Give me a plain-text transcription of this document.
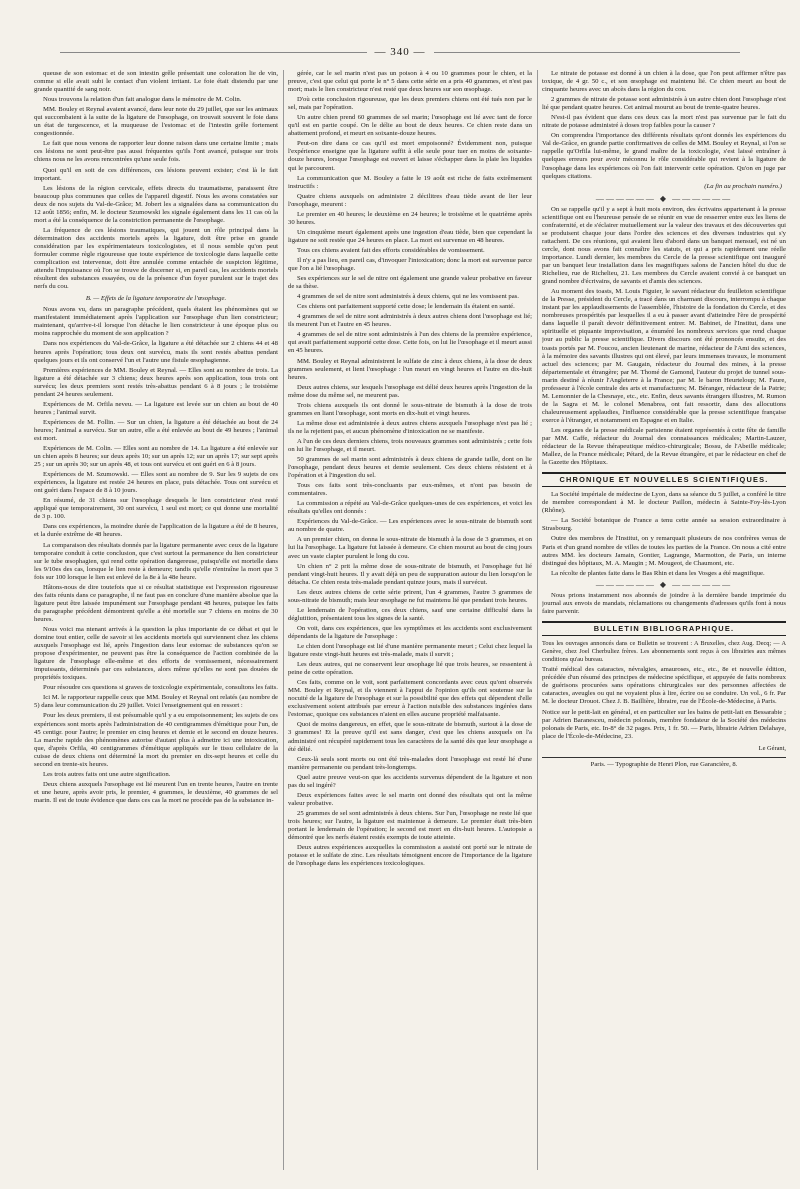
— 340 —

queuse de son estomac et de son intestin grêle présentait une coloration lie de vin, comme si elle avait subi le contact d'un violent irritant. Le foie était distendu par une grande quantité de sang noir.

Nous trouvons la relation d'un fait analogue dans le mémoire de M. Colin.

MM. Bouley et Reynal avaient avancé, dans leur note du 29 juillet, que sur les animaux qui succombaient à la suite de la ligature de l'œsophage, on trouvait souvent le foie dans un état de turgescence, et la muqueuse de l'estomac et de l'intestin grêle fortement congestionnée.

Le fait que nous venons de rapporter leur donne raison dans une certaine limite ; mais ces lésions ne sont peut-être pas aussi fréquentes qu'ils l'ont avancé, puisque sur trois chiens nous ne les avons rencontrées qu'une seule fois.

Quoi qu'il en soit de ces différences, ces lésions peuvent exister; c'est là le fait important.

Les lésions de la région cervicale, effets directs du traumatisme, paraissent être beaucoup plus communes que celles de l'appareil digestif. Nous les avons constatées sur deux de nos sujets du Val-de-Grâce; M. Jobert les a signalées dans sa communication du 12 août 1856; enfin, M. le docteur Szumowski les signale également dans les 11 cas où la mort a été la conséquence de la constriction permanente de l'œsophage.

La fréquence de ces lésions traumatiques, qui jouent un rôle principal dans la détermination des accidents mortels après la ligature, doit être prise en grande considération par les expérimentateurs toxicologistes, et il nous semble qu'on peut formuler comme règle rigoureuse que toute expérience de toxicologie dans laquelle cette complication est intervenue, doit être annulée comme entachée de suspicion légitime, attendu l'impuissance où l'on se trouve de discerner si, en pareil cas, les accidents mortels résultent des substances essayées, ou de la présence d'un foyer purulent sur le trajet des nerfs du cou.

B. — Effets de la ligature temporaire de l'œsophage.

Nous avons vu, dans un paragraphe précédent, quels étaient les phénomènes qui se manifestaient immédiatement après l'application sur l'œsophage d'un lien constricteur; maintenant, qu'arrive-t-il lorsque l'on détache le lien constricteur à une époque plus ou moins rapprochée du moment de son application ?

Dans nos expériences du Val-de-Grâce, la ligature a été détachée sur 2 chiens 44 et 48 heures après l'opération; tous deux ont survécu, mais ils sont restés abattus pendant quelques jours et ils ont conservé l'un et l'autre une fistule œsophagienne.

Premières expériences de MM. Bouley et Reynal. — Elles sont au nombre de trois. La ligature a été détachée sur 3 chiens; deux heures après son application, tous trois ont survécu; les deux premiers sont restés très-abattus pendant 6 à 8 jours ; le troisième pendant 24 heures seulement.

Expériences de M. Orfila neveu. — La ligature est levée sur un chien au bout de 40 heures ; l'animal survit.

Expériences de M. Follin. — Sur un chien, la ligature a été détachée au bout de 24 heures; l'animal a survécu. Sur un autre, elle a été enlevée au bout de 49 heures ; l'animal est mort.

Expériences de M. Colin. — Elles sont au nombre de 14. La ligature a été enlevée sur un chien après 8 heures; sur deux après 10; sur un après 12; sur un après 17; sur sept après 25 ; sur un après 30; sur un après 48, et tous ont survécu et ont guéri en 6 à 8 jours.

Expériences de M. Szumowski. — Elles sont au nombre de 9. Sur les 9 sujets de ces expériences, la ligature est restée 24 heures en place, puis détachée. Tous ont survécu et ont guéri dans l'espace de 8 à 10 jours.

En résumé, de 31 chiens sur l'œsophage desquels le lien constricteur n'est resté appliqué que temporairement, 30 ont survécu, 1 seul est mort; ce qui donne une mortalité de 3 p. 100.

Dans ces expériences, la moindre durée de l'application de la ligature a été de 8 heures, et la durée extrême de 48 heures.

La comparaison des résultats donnés par la ligature permanente avec ceux de la ligature temporaire conduit à cette conclusion, que c'est surtout la permanence du lien constricteur sur le tube œsophagien, qui rend cette opération dangereuse, puisqu'elle est mortelle dans les 9/10es des cas, lorsque le lien reste à demeure; tandis qu'elle n'entraîne la mort que 3 fois sur 100 lorsque le lien est enlevé de la 8e à la 48e heure.

Hâtons-nous de dire toutefois que si ce résultat statistique est l'expression rigoureuse des faits réunis dans ce paragraphe, il ne faut pas en conclure d'une manière absolue que la ligature peut être laissée impunément sur l'œsophage pendant 48 heures, puisque les faits du paragraphe précédent démontrent qu'elle a été mortelle sur 7 chiens en moins de 30 heures.

Nous voici ma ntenant arrivés à la question la plus importante de ce débat et qui le domine tout entier, celle de savoir si les accidents mortels qui surviennent chez les chiens auxquels l'œsophage est lié, après l'ingestion dans leur estomac de substances qu'on se propose d'expérimenter, ne peuvent pas être la conséquence de l'action combinée de la ligature de l'œsophage elle-même et des efforts de vomissement, nécessairement impuissants, déterminés par ces substances, alors même qu'elles ne sont pas douées de propriétés toxiques.

Pour résoudre ces questions si graves de toxicologie expérimentale, consultons les faits.

Ici M. le rapporteur rappelle ceux que MM. Bouley et Reynal ont relatés (au nombre de 5) dans leur communication du 29 juillet. Voici l'enseignement qui en ressort :

Pour les deux premiers, il est présumable qu'il y a eu empoisonnement; les sujets de ces expériences sont morts après l'administration de 40 centigrammes d'émétique pour l'un, de 45 centigr. pour l'autre; le premier en cinq heures et demie et le second en douze heures. La marche rapide des phénomènes autorise d'autant plus à admettre ici une intoxication, que, d'après Orfila, 40 centigrammes d'émétique appliqués sur le tissu cellulaire de la cuisse de deux chiens ont déterminé la mort du premier en dix-sept heures et celle du second en trente-six heures.

Les trois autres faits ont une autre signification.

Deux chiens auxquels l'œsophage est lié meurent l'un en trente heures, l'autre en trente et une heure, après avoir pris, le premier, 4 grammes, le deuxième, 40 grammes de sel marin. Il est de toute évidence que dans ces cas la mort ne procède pas de la substance in-

gérée, car le sel marin n'est pas un poison à 4 ou 10 grammes pour le chien, et la preuve, c'est que celui qui porte le n° 5 dans cette série en a pris 40 grammes, et n'est pas mort; mais le lien constricteur n'est resté que deux heures sur son œsophage.

D'où cette conclusion rigoureuse, que les deux premiers chiens ont été tués non par le sel, mais par l'opération.

Un autre chien prend 60 grammes de sel marin; l'œsophage est lié avec tant de force qu'il est en partie coupé. On le délie au bout de deux heures. Ce chien reste dans un abattement profond, et meurt en soixante-douze heures.

Peut-on dire dans ce cas qu'il est mort empoisonné? Évidemment non, puisque l'expérience enseigne que la ligature suffit à elle seule pour tuer en moins de soixante-douze heures, lorsque l'œsophage est ouvert et laisse s'échapper dans la plaie les liquides qui le parcourent.

La communication que M. Bouley a faite le 19 août est riche de faits extrêmement instructifs :

Quatre chiens auxquels on administre 2 décilitres d'eau tiède avant de lier leur l'œsophage, meurent :

Le premier en 40 heures; le deuxième en 24 heures; le troisième et le quatrième après 30 heures.

Un cinquième meurt également après une ingestion d'eau tiède, bien que cependant la ligature ne soit restée que 24 heures en place. La mort est survenue en 48 heures.

Tous ces chiens avaient fait des efforts considérables de vomissement.

Il n'y a pas lieu, en pareil cas, d'invoquer l'intoxication; donc la mort est survenue parce que l'on a lié l'œsophage.

Ses expériences sur le sel de nitre ont également une grande valeur probative en faveur de sa thèse.

4 grammes de sel de nitre sont administrés à deux chiens, qui ne les vomissent pas.

Ces chiens ont parfaitement supporté cette dose; le lendemain ils étaient en santé.

4 grammes de sel de nitre sont administrés à deux autres chiens dont l'œsophage est lié; ils meurent l'un et l'autre en 45 heures.

4 grammes de sel de nitre sont administrés à l'un des chiens de la première expérience, qui avait parfaitement supporté cette dose. Cette fois, on lui lie l'œsophage et il meurt aussi en 45 heures.

MM. Bouley et Reynal administrent le sulfate de zinc à deux chiens, à la dose de deux grammes seulement, et lient l'œsophage : l'un meurt en vingt heures et l'autre en dix-huit heures.

Deux autres chiens, sur lesquels l'œsophage est délié deux heures après l'ingestion de la même dose du même sel, ne meurent pas.

Trois chiens auxquels ils ont donné le sous-nitrate de bismuth à la dose de trois grammes en liant l'œsophage, sont morts en dix-huit et vingt heures.

La même dose est administrée à deux autres chiens auxquels l'œsophage n'est pas lié ; ils ne la rejettent pas, et aucun phénomène d'intoxication ne se manifeste.

A l'un de ces deux derniers chiens, trois nouveaux grammes sont administrés ; cette fois on lui lie l'œsophage, et il meurt.

50 grammes de sel marin sont administrés à deux chiens de grande taille, dont on lie l'œsophage, pendant deux heures et demie seulement. Ces deux chiens résistent et à l'opération et à l'ingestion du sel.

Tous ces faits sont très-concluants par eux-mêmes, et n'ont pas besoin de commentaires.

La commission a répété au Val-de-Grâce quelques-unes de ces expériences, et voici les résultats qu'elles ont donnés :

Expériences du Val-de-Grâce. — Les expériences avec le sous-nitrate de bismuth sont au nombre de quatre.

A un premier chien, on donna le sous-nitrate de bismuth à la dose de 3 grammes, et on lui lia l'œsophage. La ligature fut laissée à demeure. Ce chien mourut au bout de cinq jours avec un vaste clapier purulent le long du cou.

Un chien n° 2 prit la même dose de sous-nitrate de bismuth, et l'œsophage fut lié pendant vingt-huit heures. Il y avait déjà un peu de suppuration autour du lien lorsqu'on le détacha. Ce chien resta très-malade pendant quinze jours, mais il survécut.

Les deux autres chiens de cette série prirent, l'un 4 grammes, l'autre 3 grammes de sous-nitrate de bismuth; mais leur œsophage ne fut maintenu lié que pendant trois heures.

Le lendemain de l'opération, ces deux chiens, sauf une certaine difficulté dans la déglutition, présentaient tous les signes de la santé.

On voit, dans ces expériences, que les symptômes et les accidents sont exclusivement dépendants de la ligature de l'œsophage :

Le chien dont l'œsophage est lié d'une manière permanente meurt ; Celui chez lequel la ligature reste vingt-huit heures est très-malade, mais il survit ;

Les deux autres, qui ne conservent leur œsophage lié que trois heures, se ressentent à peine de cette opération.

Ces faits, comme on le voit, sont parfaitement concordants avec ceux qu'ont observés MM. Bouley et Reynal, et ils viennent à l'appui de l'opinion qu'ils ont soutenue sur la nocuité de la ligature de l'œsophage et sur la possibilité que des effets qui dépendent d'elle exclusivement soient attribués par erreur à l'action nuisible des substances ingérées dans l'estomac, quoique ces substances n'aient en elles aucune propriété malfaisante.

Quoi de moins dangereux, en effet, que le sous-nitrate de bismuth, surtout à la dose de 3 grammes! Et la preuve qu'il est sans danger, c'est que les chiens auxquels on l'a administré ont récupéré rapidement tous les caractères de la santé dès que leur œsophage a été délié.

Ceux-là seuls sont morts ou ont été très-malades dont l'œsophage est resté lié d'une manière permanente ou pendant très-longtemps.

Quel autre preuve veut-on que les accidents survenus dépendent de la ligature et non pas du sel ingéré?

Deux expériences faites avec le sel marin ont donné des résultats qui ont la même valeur probative.

25 grammes de sel sont administrés à deux chiens. Sur l'un, l'œsophage ne reste lié que trois heures; sur l'autre, la ligature est maintenue à demeure. Le premier était très-bien portant le lendemain de l'opération; le second est mort en dix-huit heures. L'autopsie a démontré que les nerfs étaient restés exempts de toute atteinte.

Deux autres expériences auxquelles la commission a assisté ont porté sur le nitrate de potasse et le sulfate de zinc. Les résultats témoignent encore de l'importance de la ligature de l'œsophage dans les expériences toxicologiques.

Le nitrate de potasse est donné à un chien à la dose, que l'on peut affirmer n'être pas toxique, de 4 gr. 50 c., et son œsophage est maintenu lié. Ce chien meurt au bout de cinquante heures avec un abcès dans la région du cou.

2 grammes de nitrate de potasse sont administrés à un autre chien dont l'œsophage n'est lié que pendant quatre heures. Cet animal mourut au bout de trente-quatre heures.

N'est-il pas évident que dans ces deux cas la mort n'est pas survenue par le fait du nitrate de potasse administré à doses trop faibles pour la causer ?

On comprendra l'importance des différents résultats qu'ont donnés les expériences du Val de-Grâce, en grande partie confirmatives de celles de MM. Bouley et Reynal, si l'on se rappelle qu'Orfila lui-même, le grand maître de la toxicologie, s'est laissé entraîner à quelques erreurs pour avoir méconnu le rôle considérable qui revient à la ligature de l'œsophage dans les expériences où l'on fait intervenir cette opération. Qu'on en juge par quelques citations.

(La fin au prochain numéro.)

—————— ◆ ——————

On se rappelle qu'il y a sept à huit mois environ, des écrivains appartenant à la presse scientifique ont eu l'heureuse pensée de se réunir en vue de resserrer entre eux les liens de confraternité, et de s'éclairer mutuellement sur la valeur des travaux et des découvertes qui se produisent chaque jour dans l'ordre des sciences et des diverses industries qui s'y rattachent. De ces réunions, qui avaient lieu d'abord dans un banquet mensuel, est né un cercle, dont nous avons fait connaître les statuts, et qui a pris rapidement une réelle importance. Lundi dernier, les membres du Cercle de la presse scientifique ont inauguré par un banquet leur installation dans les magnifiques salons de l'ancien hôtel du duc de Richelieu, rue de Richelieu, 21. Les membres du Cercle avaient convié à ce banquet un grand nombre d'écrivains, de savants et d'amis des sciences.

Au moment des toasts, M. Louis Figuier, le savant rédacteur du feuilleton scientifique de la Presse, président du Cercle, a tracé dans un charmant discours, interrompu à chaque instant par les applaudissements de l'assemblée, l'histoire de la fondation du Cercle, et des nombreuses prospérités par lesquelles il a eu à passer avant d'atteindre l'ère de prospérité dans laquelle il paraît devoir définitivement entrer. M. Babinet, de l'Institut, dans une spirituelle et piquante improvisation, a énuméré les nombreux services que rend chaque jour au public la presse scientifique. Divers discours ont été prononcés ensuite, et des toasts portés par M. Foucou, ancien lieutenant de marine, rédacteur de l'Ami des sciences, à la mémoire des savants illustres qui ont élevé, par leurs immenses travaux, le monument actuel des sciences; par M. Gaugain, rédacteur du Journal des mines, à la presse départementale et étrangère; par M. Thomé de Gamond, l'auteur du projet de tunnel sous-marin destiné à réunir l'Angleterre à la France; par M. le baron Heurteloup; M. Faure, professeur à l'école centrale des arts et manufactures; M. Béranger, rédacteur de la Patrie; M. Lemonnier de la Chesnaye, etc., etc. Enfin, deux savants étrangers illustres, M. Rumon de la Sagra et M. le colonel Menabrea, ont fait ressortir, dans des allocutions chaleureusement applaudies, l'influence considérable que la presse scientifique française exerce à l'étranger, et notamment en Espagne et en Italie.

Les organes de la presse médicale parisienne étaient représentés à cette fête de famille par MM. Caffe, rédacteur du Journal des connaissances médicales; Martin-Lauzer, rédacteur de la Revue thérapeutique médico-chirurgicale; Bossu, de l'Abeille médicale; Mallez, de la France médicale; Pétard, de la Revue étrangère, et par le rédacteur en chef de la Gazette des Hôpitaux.

CHRONIQUE ET NOUVELLES SCIENTIFIQUES.

La Société impériale de médecine de Lyon, dans sa séance du 5 juillet, a conféré le titre de membre correspondant à M. le docteur Paillon, médecin à Sainte-Foy-lès-Lyon (Rhône).

— La Société botanique de France a tenu cette année sa session extraordinaire à Strasbourg.

Outre des membres de l'Institut, on y remarquait plusieurs de nos confrères venus de Paris et d'un grand nombre de villes de toutes les parties de la France. On nous a cité entre autres MM. les docteurs Jamain, Gontier, Lagrange, Marmotton, de Paris, un interne distingué des hôpitaux, M. A. Maugin ; M. Mougeot, de Chaumont, etc.

La récolte de plantes faite dans le Bas Rhin et dans les Vosges a été magnifique.

—————— ◆ ——————

Nous prions instamment nos abonnés de joindre à la dernière bande imprimée du journal aux envois de mandats, réclamations ou changements d'adresses qu'ils font à nous faire parvenir.

BULLETIN BIBLIOGRAPHIQUE.

Tous les ouvrages annoncés dans ce Bulletin se trouvent : A Bruxelles, chez Aug. Decq; — A Genève, chez Joel Cherbuliez frères. Les abonnements sont reçus à ces librairies aux mêmes conditions qu'au bureau.

Traité médical des cataractes, névralgies, amauroses, etc., etc., 8e et nouvelle édition, précédée d'un résumé des principes de médecine spécifique, et appuyée de faits nombreux de guérisons procurées sans opérations chirurgicales sur des personnes affectées de cataractes, aveugles ou qui ne voyaient plus à lire, écrire ou se conduire. Un vol., 6 fr. Par M. le docteur Drouot. Chez J. B. Baillière, libraire, rue de l'École-de-Médecine, à Paris.

Notice sur le petit-lait en général, et en particulier sur les bains de petit-lait en Bessarabie ; par Adrien Baranesceu, médecin polonais, membre fondateur de la Société des médecins polonais de Paris, etc. In-8° de 32 pages. Prix, 1 fr. 50. — Paris, librairie Adrien Delahaye, place de l'École-de-Médecine, 23.

Le Gérant,

Paris. — Typographie de Henri Plon, rue Garancière, 8.
